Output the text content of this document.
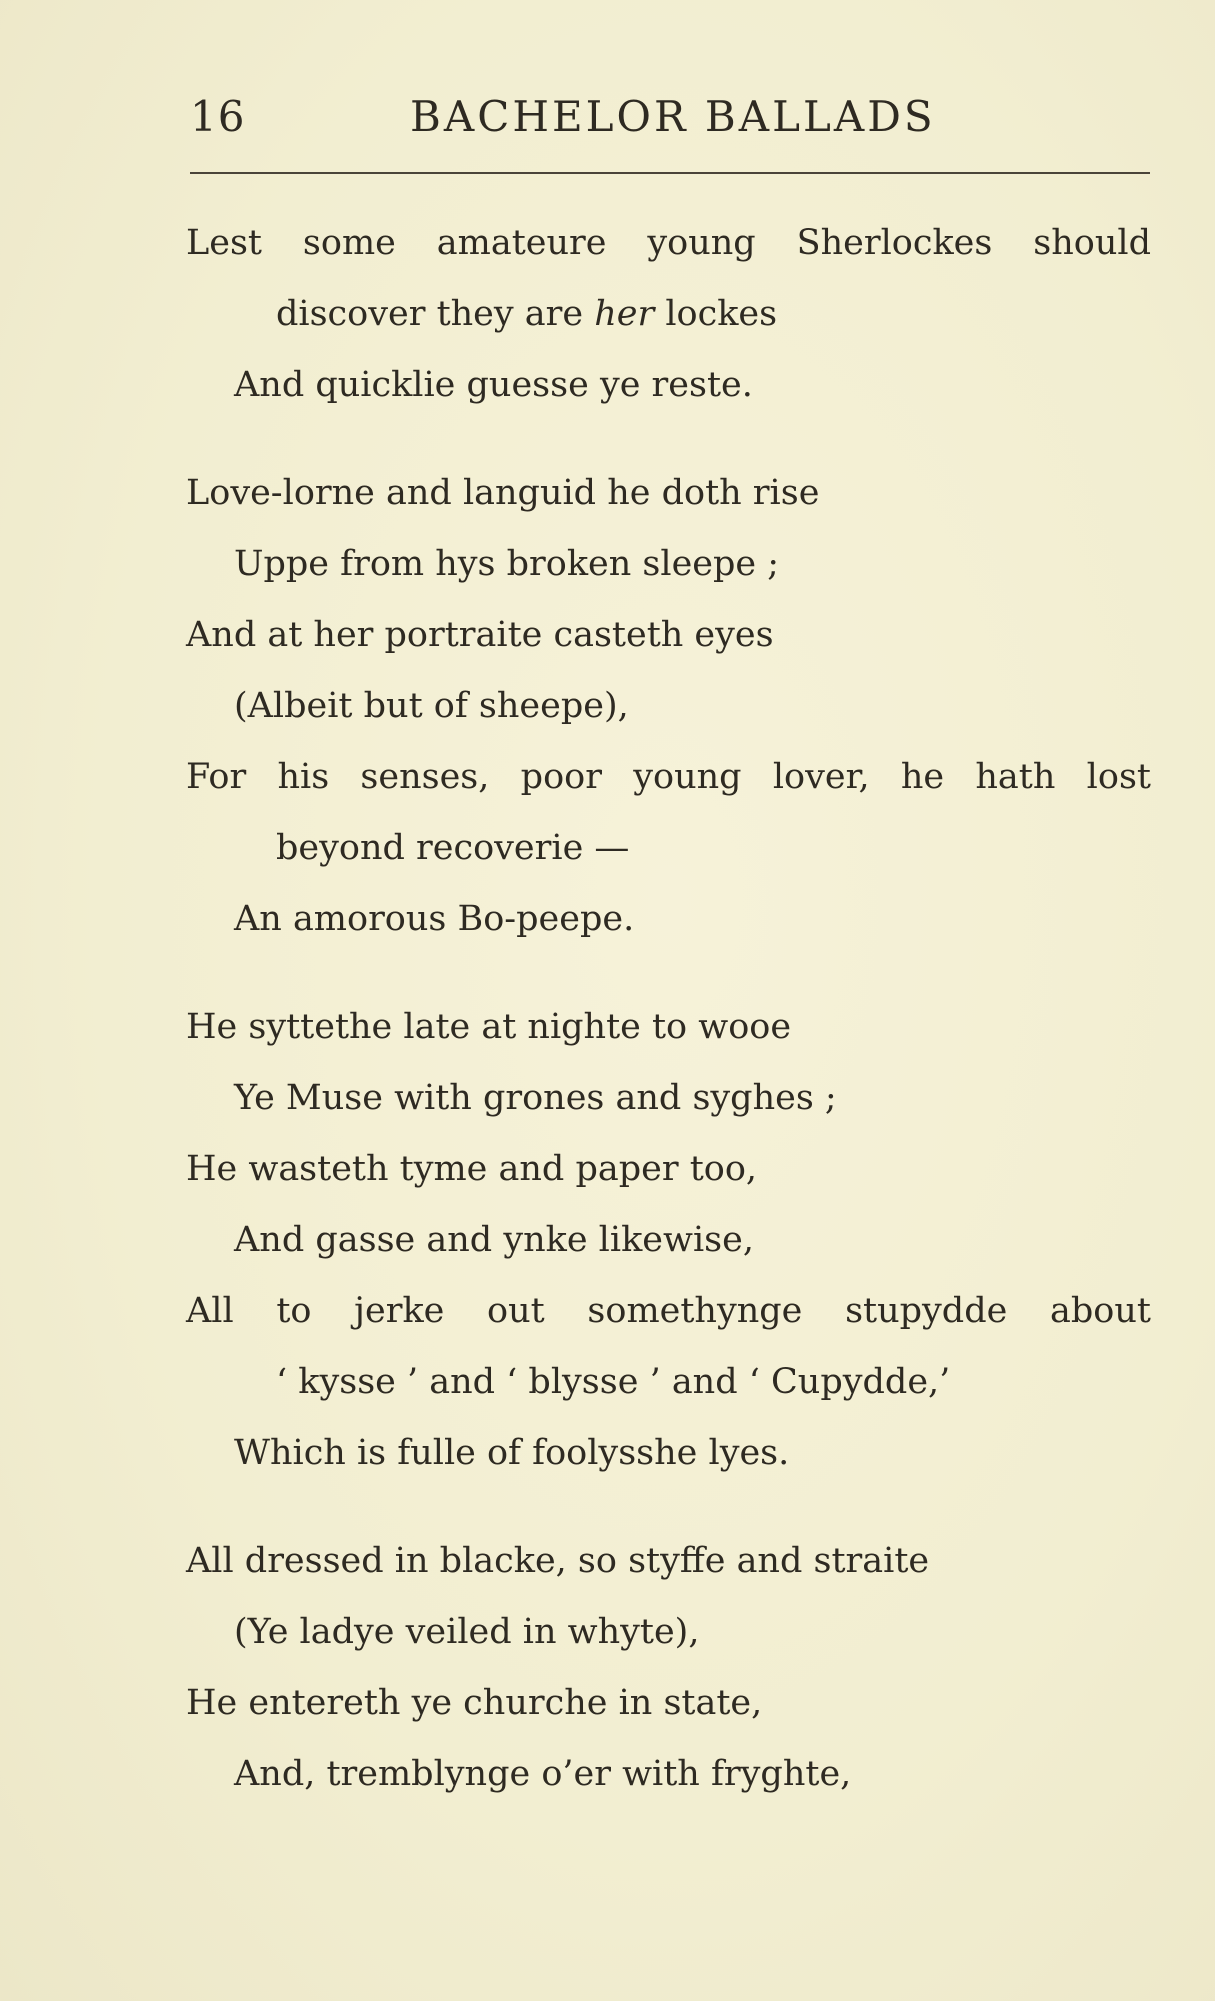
16	BACHELOR BALLADS
Lest some amateure young Sherlockes should
discover they are her lockes
And quicklie guesse ye reste.
Love-lorne and languid he doth rise
Uppe from hys broken sleepe ;
And at her portraite casteth eyes
(Albeit but of sheepe),
For his senses, poor young lover, he hath lost
beyond recoverie —
An amorous Bo-peepe.
He syttethe late at nighte to wooe
Ye Muse with grones and syghes ;
He wasteth tyme and paper too,
And gasse and ynke likewise,
All to jerke out somethynge stupydde about
‘ kysse ’ and ‘ blysse ’ and ‘ Cupydde,’
Which is fulle of foolysshe lyes.
All dressed in blacke, so styffe and straite
(Ye ladye veiled in whyte),
He entereth ye churche in state,
And, tremblynge o’er with fryghte,
